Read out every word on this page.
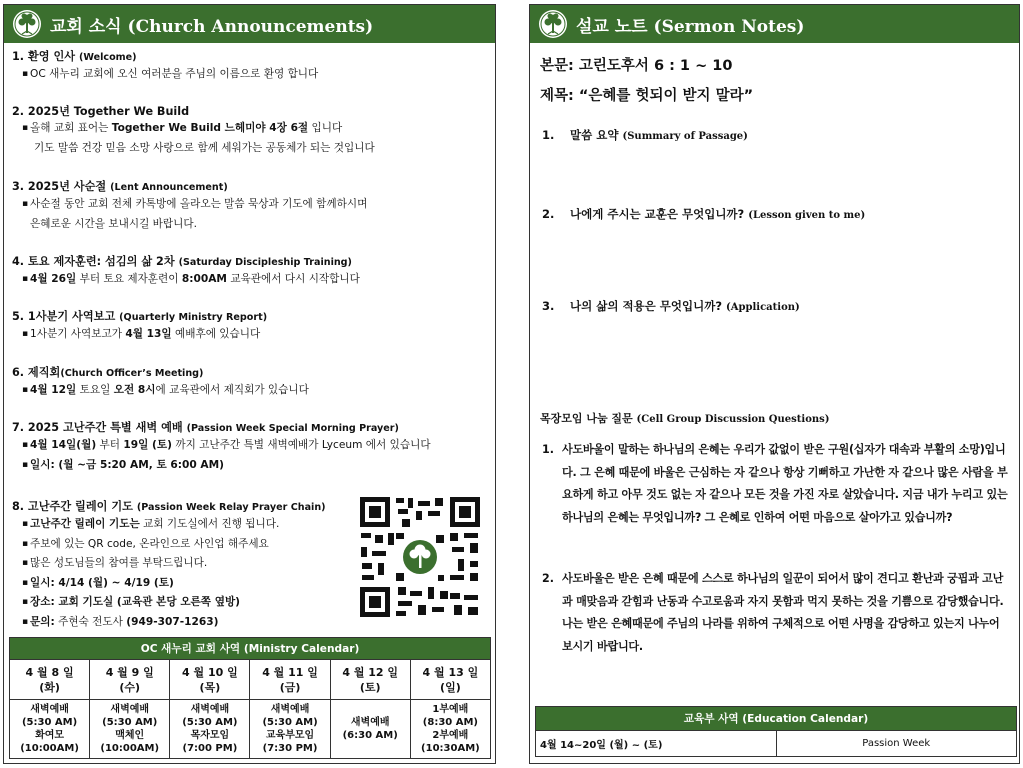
교회 소식 (Church Announcements)
1. 환영 인사 (Welcome)
▪ OC 새누리 교회에 오신 여러분을 주님의 이름으로 환영 합니다
2. 2025년 Together We Build
▪ 올해 교회 표어는 Together We Build 느헤미야 4장 6절 입니다
기도 말씀 건강 믿음 소망 사랑으로 함께 세워가는 공동체가 되는 것입니다
3. 2025년 사순절 (Lent Announcement)
▪ 사순절 동안 교회 전체 카톡방에 올라오는 말씀 묵상과 기도에 함께하시며
은혜로운 시간을 보내시길 바랍니다.
4. 토요 제자훈련: 섬김의 삶 2차 (Saturday Discipleship Training)
▪ 4월 26일 부터 토요 제자훈련이 8:00AM 교육관에서 다시 시작합니다
5. 1사분기 사역보고 (Quarterly Ministry Report)
▪ 1사분기 사역보고가 4월 13일 예배후에 있습니다
6. 제직회(Church Officer’s Meeting)
▪ 4월 12일 토요일 오전 8시에 교육관에서 제직회가 있습니다
7. 2025 고난주간 특별 새벽 예배 (Passion Week Special Morning Prayer)
▪ 4월 14일(월) 부터 19일 (토) 까지 고난주간 특별 새벽예배가 Lyceum 에서 있습니다
▪ 일시: (월 ~금 5:20 AM, 토 6:00 AM)
8. 고난주간 릴레이 기도 (Passion Week Relay Prayer Chain)
▪ 고난주간 릴레이 기도는 교회 기도실에서 진행 됩니다.
▪ 주보에 있는 QR code, 온라인으로 사인업 해주세요
▪ 많은 성도님들의 참여를 부탁드립니다.
▪ 일시: 4/14 (월) ~ 4/19 (토)
▪ 장소: 교회 기도실 (교육관 본당 오른쪽 옆방)
▪ 문의: 주현숙 전도사 (949-307-1263)
OC 새누리 교회 사역 (Ministry Calendar)					
4 월 8 일
(화)	4 월 9 일
(수)	4 월 10 일
(목)	4 월 11 일
(금)	4 월 12 일
(토)	4 월 13 일
(일)
새벽예배
(5:30 AM)
화여모
(10:00AM)	새벽예배
(5:30 AM)
맥체인
(10:00AM)	새벽예배
(5:30 AM)
목자모임
(7:00 PM)	새벽예배
(5:30 AM)
교육부모임
(7:30 PM)	새벽예배
(6:30 AM)	1부예배
(8:30 AM)
2부예배
(10:30AM)
설교 노트 (Sermon Notes)
본문: 고린도후서 6 : 1 ~ 10
제목: “은혜를 헛되이 받지 말라”
1. 말씀 요약 (Summary of Passage)
2. 나에게 주시는 교훈은 무엇입니까? (Lesson given to me)
3. 나의 삶의 적용은 무엇입니까? (Application)
목장모임 나눔 질문 (Cell Group Discussion Questions)
1. 사도바울이 말하는 하나님의 은혜는 우리가 값없이 받은 구원(십자가 대속과 부활의 소망)입니다. 그 은혜 때문에 바울은 근심하는 자 같으나 항상 기뻐하고 가난한 자 같으나 많은 사람을 부요하게 하고 아무 것도 없는 자 같으나 모든 것을 가진 자로 살았습니다. 지금 내가 누리고 있는 하나님의 은혜는 무엇입니까? 그 은혜로 인하여 어떤 마음으로 살아가고 있습니까?
2. 사도바울은 받은 은혜 때문에 스스로 하나님의 일꾼이 되어서 많이 견디고 환난과 궁핍과 고난과 매맞음과 갇힘과 난동과 수고로움과 자지 못함과 먹지 못하는 것을 기쁨으로 감당했습니다. 나는 받은 은혜때문에 주님의 나라를 위하여 구체적으로 어떤 사명을 감당하고 있는지 나누어 보시기 바랍니다.
교육부 사역 (Education Calendar)
4월 14~20일 (월) ~ (토)	Passion Week
